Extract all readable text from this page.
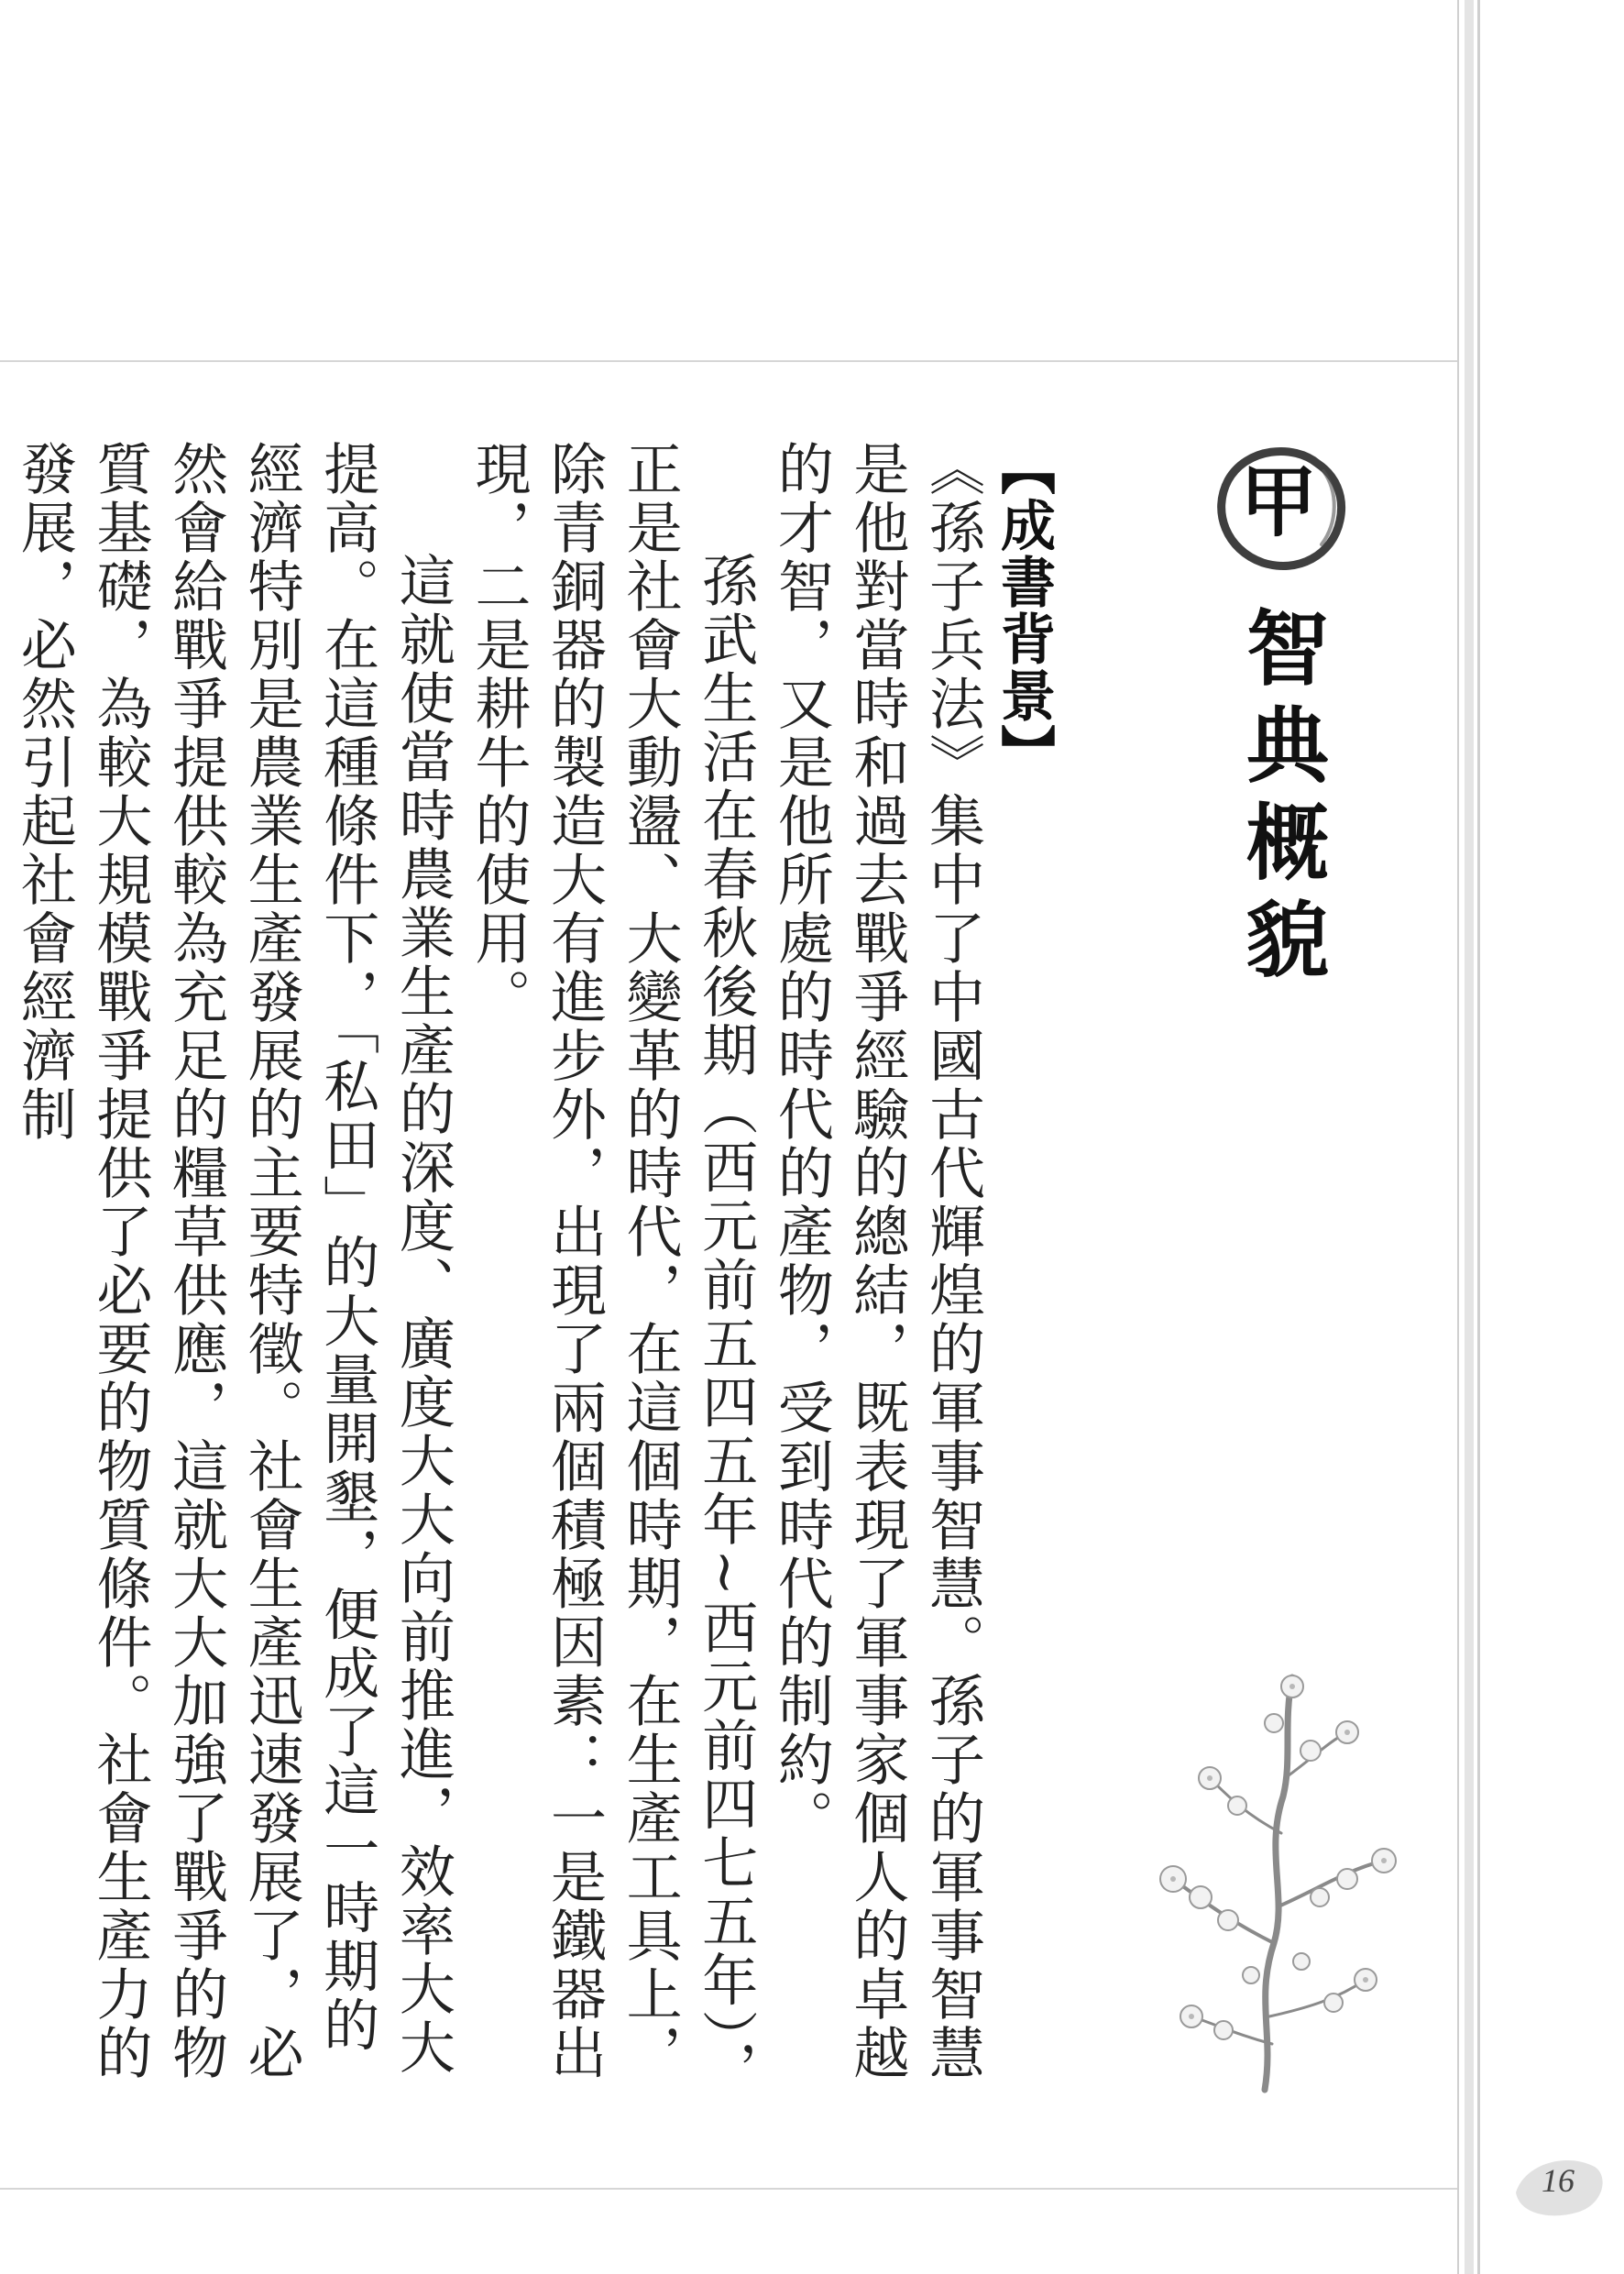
甲
智典概貌
【成書背景】

《孫子兵法》集中了中國古代輝煌的軍事智慧。孫子的軍事智慧是他對當時和過去戰爭經驗的總結，既表現了軍事家個人的卓越的才智，又是他所處的時代的產物，受到時代的制約。

孫武生活在春秋後期（西元前五四五年∼西元前四七五年），正是社會大動盪、大變革的時代，在這個時期，在生產工具上，除青銅器的製造大有進步外，出現了兩個積極因素：一是鐵器出現，二是耕牛的使用。

這就使當時農業生產的深度、廣度大大向前推進，效率大大提高。在這種條件下，「私田」的大量開墾，便成了這一時期的經濟特別是農業生產發展的主要特徵。社會生產迅速發展了，必然會給戰爭提供較為充足的糧草供應，這就大大加強了戰爭的物質基礎，為較大規模戰爭提供了必要的物質條件。社會生產力的發展，必然引起社會經濟制

16
